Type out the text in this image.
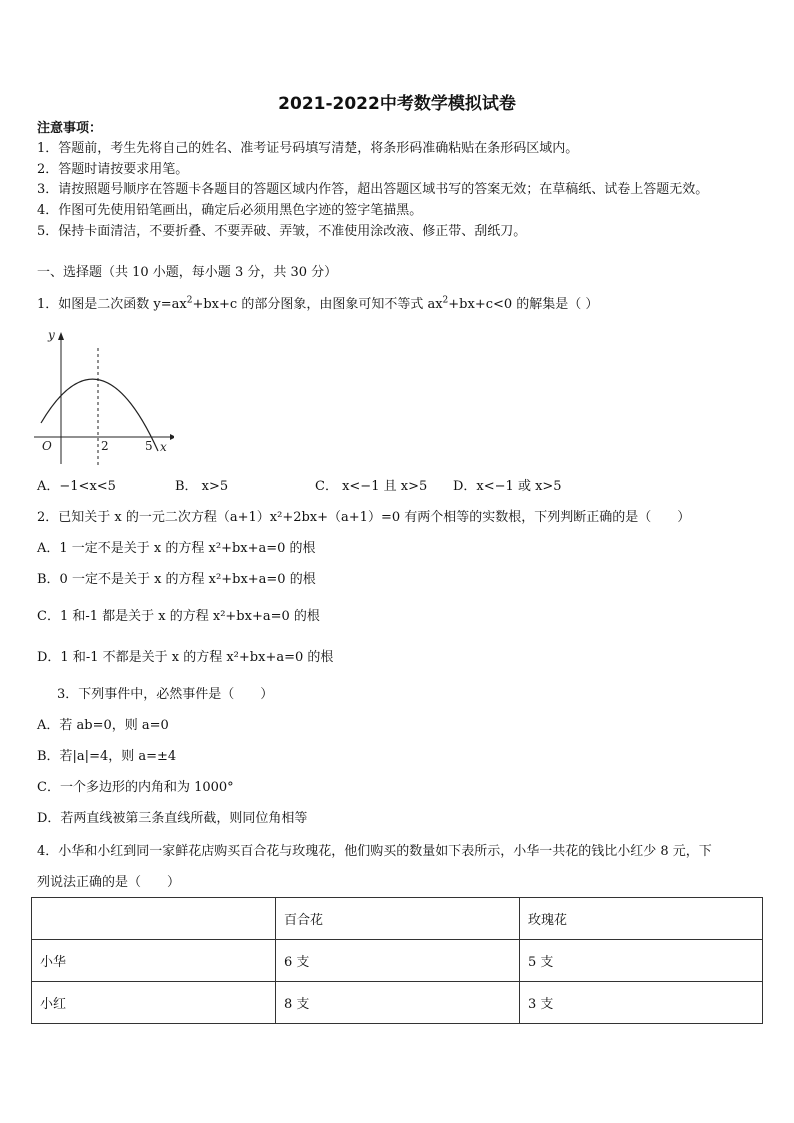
2021-2022中考数学模拟试卷
注意事项：
1．答题前，考生先将自己的姓名、准考证号码填写清楚，将条形码准确粘贴在条形码区域内。
2．答题时请按要求用笔。
3．请按照题号顺序在答题卡各题目的答题区域内作答，超出答题区域书写的答案无效；在草稿纸、试卷上答题无效。
4．作图可先使用铅笔画出，确定后必须用黑色字迹的签字笔描黑。
5．保持卡面清洁，不要折叠、不要弄破、弄皱，不准使用涂改液、修正带、刮纸刀。
一、选择题（共 10 小题，每小题 3 分，共 30 分）
1．如图是二次函数 $y=ax^2+bx+c$ 的部分图象，由图象可知不等式 $ax^2+bx+c<0$ 的解集是（ ）
y
x
O	2	5
A．−1<x<5	B． x>5	C． x<−1 且 x>5 D．x<−1 或 x>5
2．已知关于 x 的一元二次方程（a+1）x²+2bx+（a+1）=0 有两个相等的实数根，下列判断正确的是（　　）
A．1 一定不是关于 x 的方程 x²+bx+a=0 的根
B．0 一定不是关于 x 的方程 x²+bx+a=0 的根
C．1 和-1 都是关于 x 的方程 x²+bx+a=0 的根
D．1 和-1 不都是关于 x 的方程 x²+bx+a=0 的根
3．下列事件中，必然事件是（　　）
A．若 ab=0，则 a=0
B．若|a|=4，则 a=±4
C．一个多边形的内角和为 1000°
D．若两直线被第三条直线所截，则同位角相等
4．小华和小红到同一家鲜花店购买百合花与玫瑰花，他们购买的数量如下表所示，小华一共花的钱比小红少 8 元，下
列说法正确的是（　　）
	百合花	玫瑰花
小华	6 支	5 支
小红	8 支	3 支
